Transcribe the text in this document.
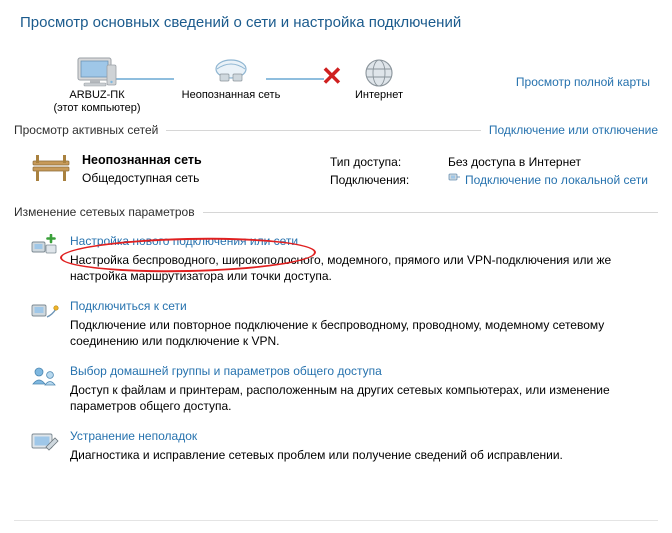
Просмотр основных сведений о сети и настройка подключений
ARBUZ-ПК
(этот компьютер)
Неопознанная сеть
✕
Интернет
Просмотр полной карты
Просмотр активных сетей	Подключение или отключение
Неопознанная сеть
Общедоступная сеть
Тип доступа:	Без доступа в Интернет
Подключения:	Подключение по локальной сети
Изменение сетевых параметров
Настройка нового подключения или сети
Настройка беспроводного, широкополосного, модемного, прямого или VPN-подключения или же настройка маршрутизатора или точки доступа.
Подключиться к сети
Подключение или повторное подключение к беспроводному, проводному, модемному сетевому соединению или подключение к VPN.
Выбор домашней группы и параметров общего доступа
Доступ к файлам и принтерам, расположенным на других сетевых компьютерах, или изменение параметров общего доступа.
Устранение неполадок
Диагностика и исправление сетевых проблем или получение сведений об исправлении.
